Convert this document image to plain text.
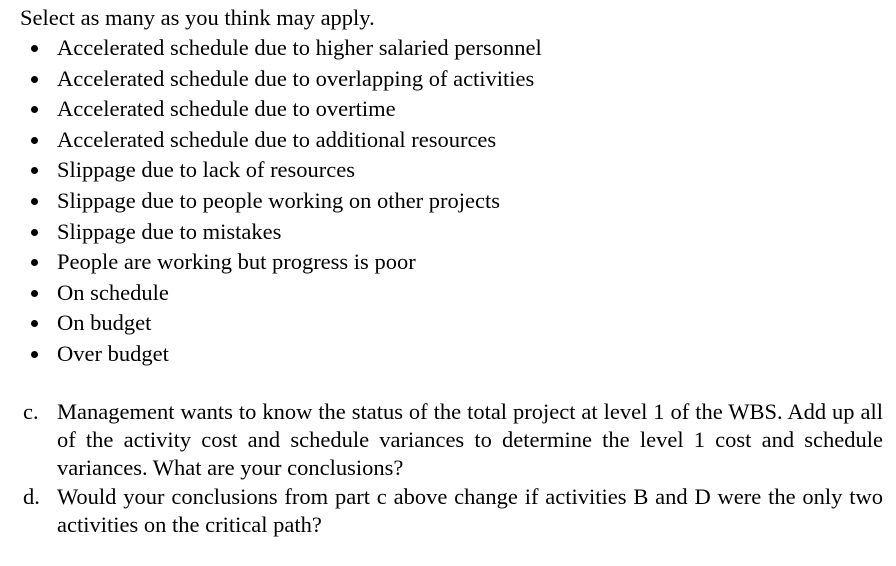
Select as many as you think may apply.
Accelerated schedule due to higher salaried personnel
Accelerated schedule due to overlapping of activities
Accelerated schedule due to overtime
Accelerated schedule due to additional resources
Slippage due to lack of resources
Slippage due to people working on other projects
Slippage due to mistakes
People are working but progress is poor
On schedule
On budget
Over budget
c. Management wants to know the status of the total project at level 1 of the WBS. Add up all of the activity cost and schedule variances to determine the level 1 cost and schedule variances. What are your conclusions?
d. Would your conclusions from part c above change if activities B and D were the only two activities on the critical path?
